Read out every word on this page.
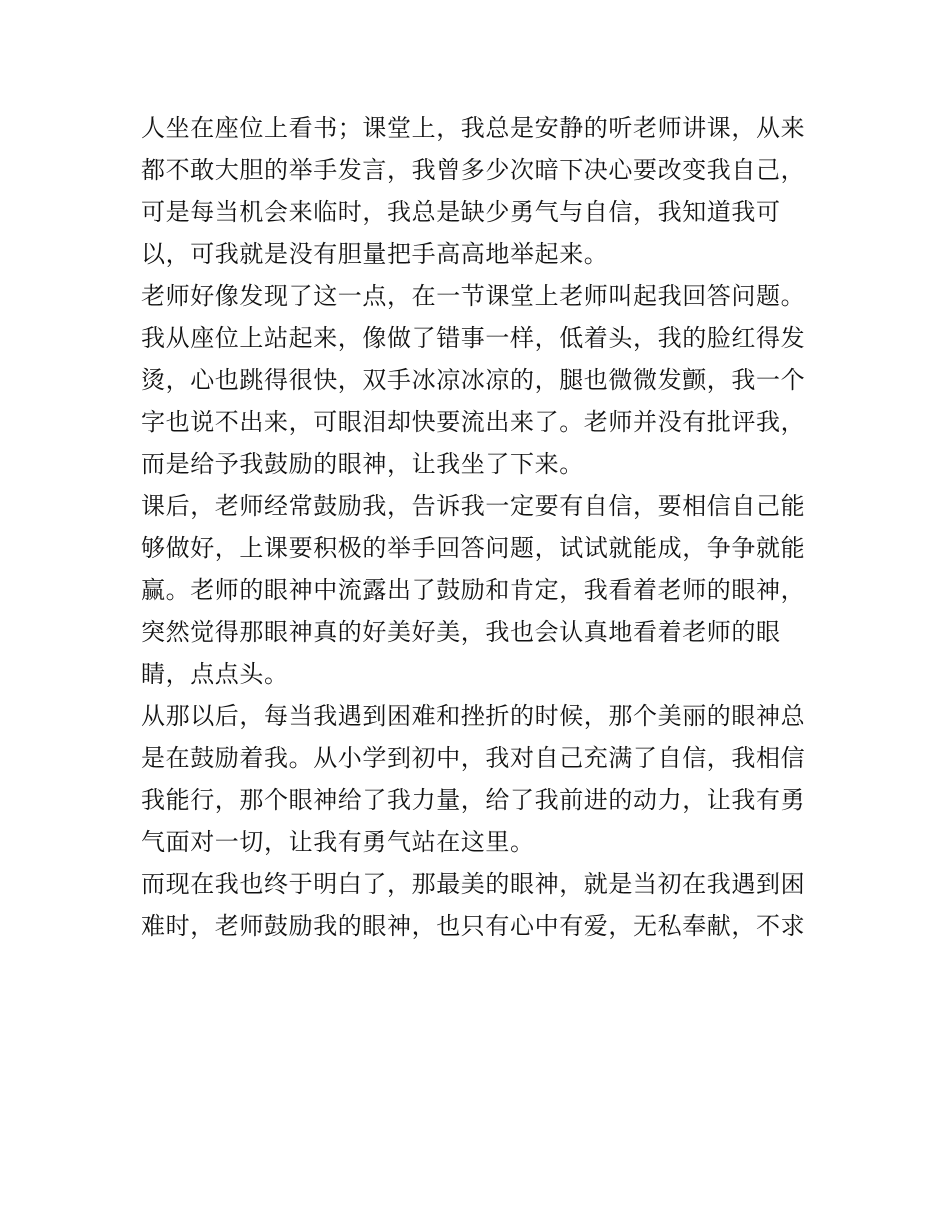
人坐在座位上看书；课堂上，我总是安静的听老师讲课，从来
都不敢大胆的举手发言，我曾多少次暗下决心要改变我自己，
可是每当机会来临时，我总是缺少勇气与自信，我知道我可
以，可我就是没有胆量把手高高地举起来。
老师好像发现了这一点，在一节课堂上老师叫起我回答问题。
我从座位上站起来，像做了错事一样，低着头，我的脸红得发
烫，心也跳得很快，双手冰凉冰凉的，腿也微微发颤，我一个
字也说不出来，可眼泪却快要流出来了。老师并没有批评我，
而是给予我鼓励的眼神，让我坐了下来。
课后，老师经常鼓励我，告诉我一定要有自信，要相信自己能
够做好，上课要积极的举手回答问题，试试就能成，争争就能
赢。老师的眼神中流露出了鼓励和肯定，我看着老师的眼神，
突然觉得那眼神真的好美好美，我也会认真地看着老师的眼
睛，点点头。
从那以后，每当我遇到困难和挫折的时候，那个美丽的眼神总
是在鼓励着我。从小学到初中，我对自己充满了自信，我相信
我能行，那个眼神给了我力量，给了我前进的动力，让我有勇
气面对一切，让我有勇气站在这里。
而现在我也终于明白了，那最美的眼神，就是当初在我遇到困
难时，老师鼓励我的眼神，也只有心中有爱，无私奉献，不求
